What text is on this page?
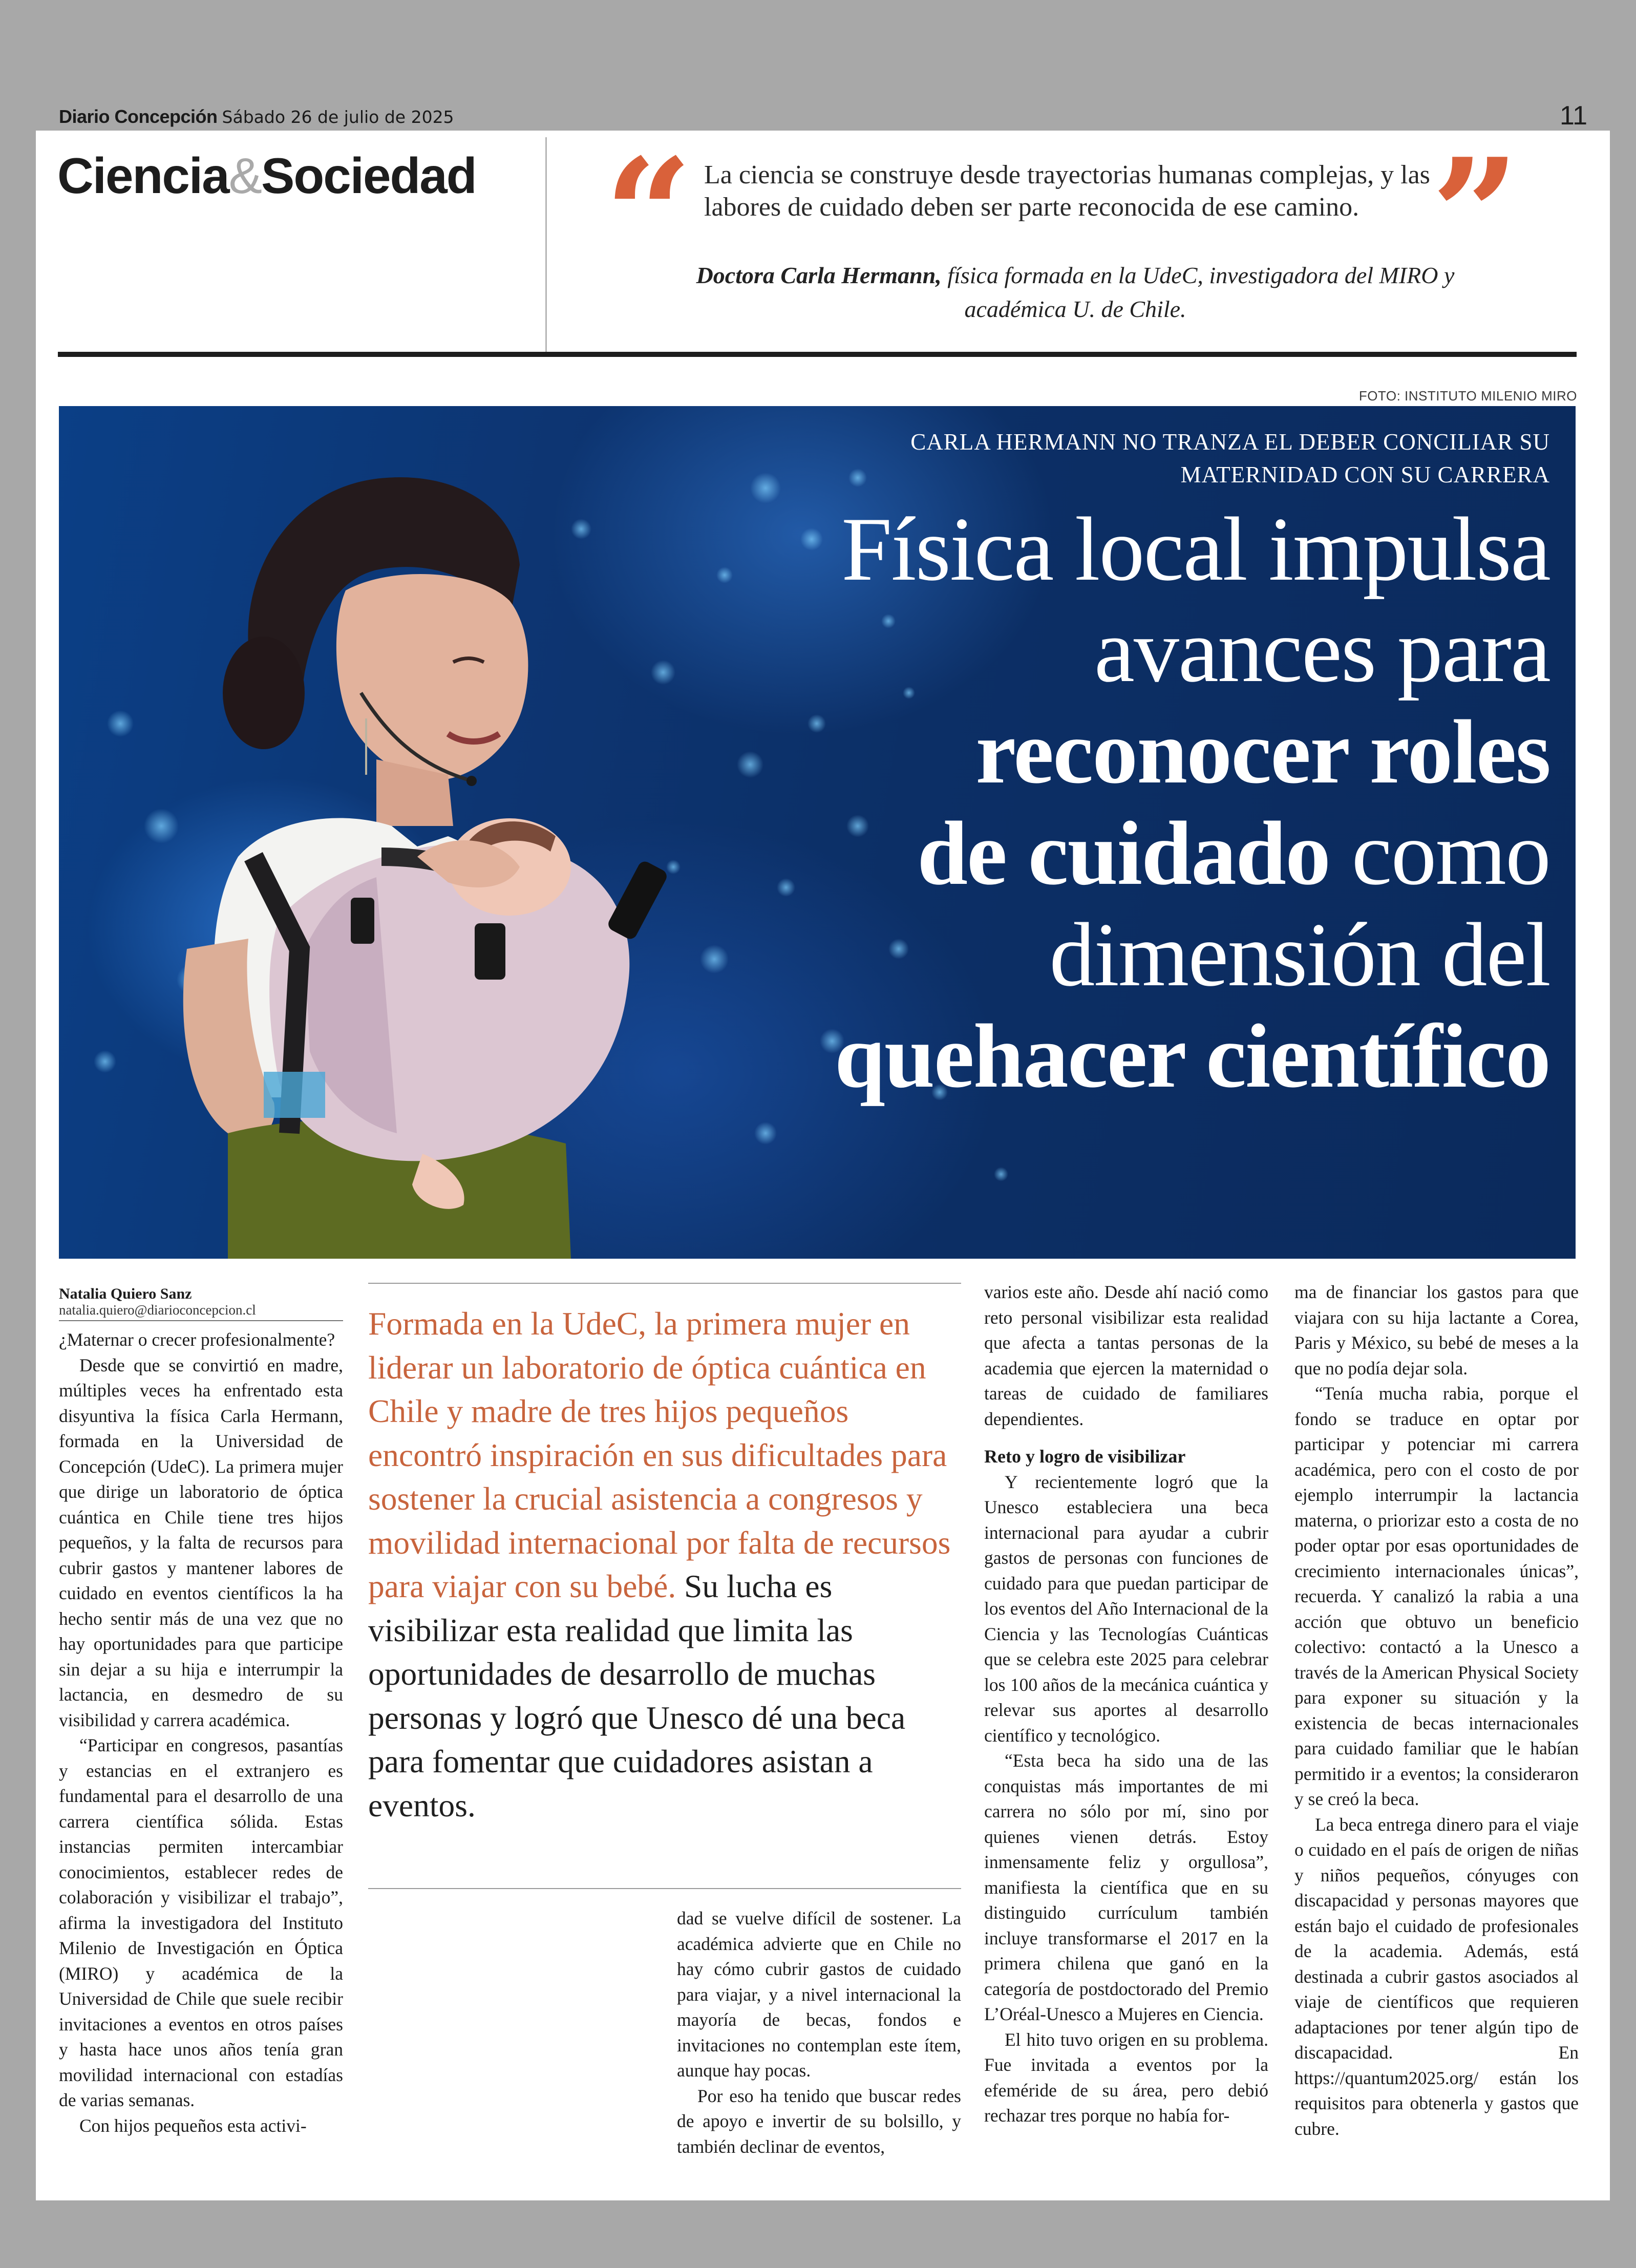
Diario Concepción Sábado 26 de julio de 2025	11
Ciencia&Sociedad “ La ciencia se construye desde trayectorias humanas complejas, y las labores de cuidado deben ser parte reconocida de ese camino. ”
Doctora Carla Hermann, física formada en la UdeC, investigadora del MIRO y académica U. de Chile.
FOTO: INSTITUTO MILENIO MIRO
CARLA HERMANN NO TRANZA EL DEBER CONCILIAR SU
MATERNIDAD CON SU CARRERA
Física local impulsa
avances para
reconocer roles
de cuidado como
dimensión del
quehacer científico
Natalia Quiero Sanz
natalia.quiero@diarioconcepcion.cl

¿Maternar o crecer profesionalmente?

Desde que se convirtió en madre, múltiples veces ha enfrentado esta disyuntiva la física Carla Hermann, formada en la Universidad de Concepción (UdeC). La primera mujer que dirige un laboratorio de óptica cuántica en Chile tiene tres hijos pequeños, y la falta de recursos para cubrir gastos y mantener labores de cuidado en eventos científicos la ha hecho sentir más de una vez que no hay oportunidades para que participe sin dejar a su hija e interrumpir la lactancia, en desmedro de su visibilidad y carrera académica.

“Participar en congresos, pasantías y estancias en el extranjero es fundamental para el desarrollo de una carrera científica sólida. Estas instancias permiten intercambiar conocimientos, establecer redes de colaboración y visibilizar el trabajo”, afirma la investigadora del Instituto Milenio de Investigación en Óptica (MIRO) y académica de la Universidad de Chile que suele recibir invitaciones a eventos en otros países y hasta hace unos años tenía gran movilidad internacional con estadías de varias semanas.

Con hijos pequeños esta activi-

Formada en la UdeC, la primera mujer en liderar un laboratorio de óptica cuántica en Chile y madre de tres hijos pequeños encontró inspiración en sus dificultades para sostener la crucial asistencia a congresos y movilidad internacional por falta de recursos para viajar con su bebé. Su lucha es visibilizar esta realidad que limita las oportunidades de desarrollo de muchas personas y logró que Unesco dé una beca para fomentar que cuidadores asistan a eventos.

dad se vuelve difícil de sostener. La académica advierte que en Chile no hay cómo cubrir gastos de cuidado para viajar, y a nivel internacional la mayoría de becas, fondos e invitaciones no contemplan este ítem, aunque hay pocas.

Por eso ha tenido que buscar redes de apoyo e invertir de su bolsillo, y también declinar de eventos,

varios este año. Desde ahí nació como reto personal visibilizar esta realidad que afecta a tantas personas de la academia que ejercen la maternidad o tareas de cuidado de familiares dependientes.

Reto y logro de visibilizar

Y recientemente logró que la Unesco estableciera una beca internacional para ayudar a cubrir gastos de personas con funciones de cuidado para que puedan participar de los eventos del Año Internacional de la Ciencia y las Tecnologías Cuánticas que se celebra este 2025 para celebrar los 100 años de la mecánica cuántica y relevar sus aportes al desarrollo científico y tecnológico.

“Esta beca ha sido una de las conquistas más importantes de mi carrera no sólo por mí, sino por quienes vienen detrás. Estoy inmensamente feliz y orgullosa”, manifiesta la científica que en su distinguido currículum también incluye transformarse el 2017 en la primera chilena que ganó en la categoría de postdoctorado del Premio L’Oréal-Unesco a Mujeres en Ciencia.

El hito tuvo origen en su problema. Fue invitada a eventos por la efeméride de su área, pero debió rechazar tres porque no había for-

ma de financiar los gastos para que viajara con su hija lactante a Corea, Paris y México, su bebé de meses a la que no podía dejar sola.

“Tenía mucha rabia, porque el fondo se traduce en optar por participar y potenciar mi carrera académica, pero con el costo de por ejemplo interrumpir la lactancia materna, o priorizar esto a costa de no poder optar por esas oportunidades de crecimiento internacionales únicas”, recuerda. Y canalizó la rabia a una acción que obtuvo un beneficio colectivo: contactó a la Unesco a través de la American Physical Society para exponer su situación y la existencia de becas internacionales para cuidado familiar que le habían permitido ir a eventos; la consideraron y se creó la beca.

La beca entrega dinero para el viaje o cuidado en el país de origen de niñas y niños pequeños, cónyuges con discapacidad y personas mayores que están bajo el cuidado de profesionales de la academia. Además, está destinada a cubrir gastos asociados al viaje de científicos que requieren adaptaciones por tener algún tipo de discapacidad. En https://quantum2025.org/ están los requisitos para obtenerla y gastos que cubre.
